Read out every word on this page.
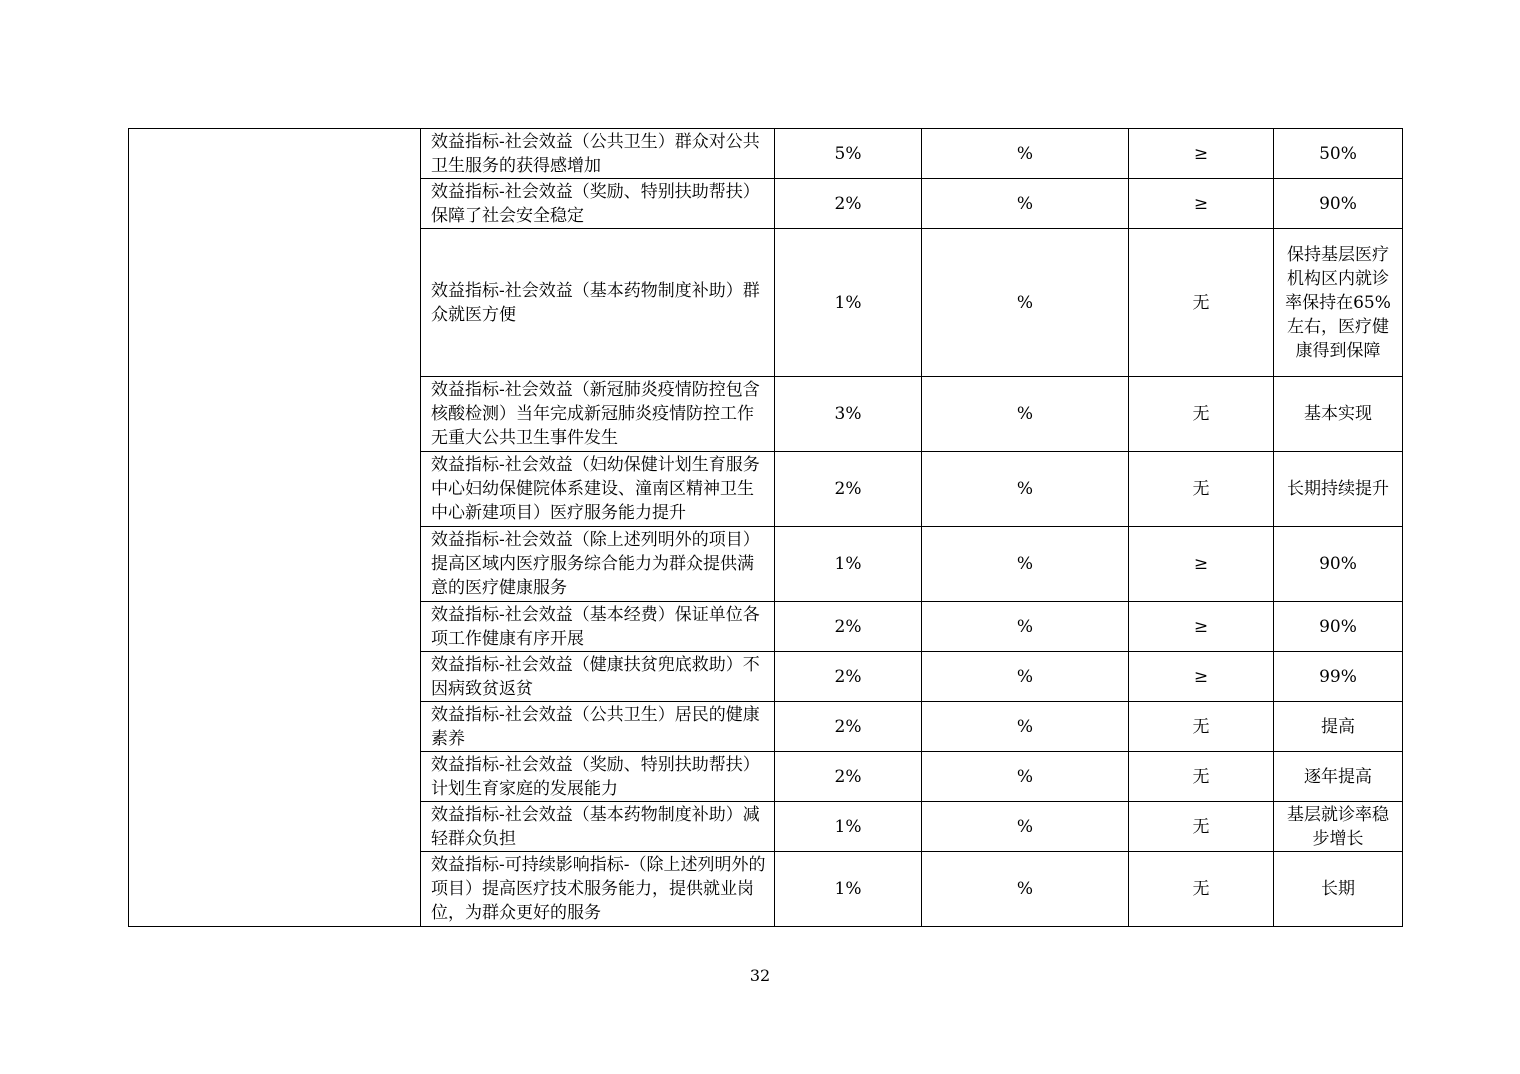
	效益指标-社会效益（公共卫生）群众对公共卫生服务的获得感增加	5%	%	≥	50%
	效益指标-社会效益（奖励、特别扶助帮扶）保障了社会安全稳定	2%	%	≥	90%
	效益指标-社会效益（基本药物制度补助）群众就医方便	1%	%	无	保持基层医疗机构区内就诊率保持在65%左右，医疗健康得到保障
	效益指标-社会效益（新冠肺炎疫情防控包含核酸检测）当年完成新冠肺炎疫情防控工作无重大公共卫生事件发生	3%	%	无	基本实现
	效益指标-社会效益（妇幼保健计划生育服务中心妇幼保健院体系建设、潼南区精神卫生中心新建项目）医疗服务能力提升	2%	%	无	长期持续提升
	效益指标-社会效益（除上述列明外的项目）提高区域内医疗服务综合能力为群众提供满意的医疗健康服务	1%	%	≥	90%
	效益指标-社会效益（基本经费）保证单位各项工作健康有序开展	2%	%	≥	90%
	效益指标-社会效益（健康扶贫兜底救助）不因病致贫返贫	2%	%	≥	99%
	效益指标-社会效益（公共卫生）居民的健康素养	2%	%	无	提高
	效益指标-社会效益（奖励、特别扶助帮扶）计划生育家庭的发展能力	2%	%	无	逐年提高
	效益指标-社会效益（基本药物制度补助）减轻群众负担	1%	%	无	基层就诊率稳步增长
	效益指标-可持续影响指标-（除上述列明外的项目）提高医疗技术服务能力，提供就业岗位，为群众更好的服务	1%	%	无	长期
32
